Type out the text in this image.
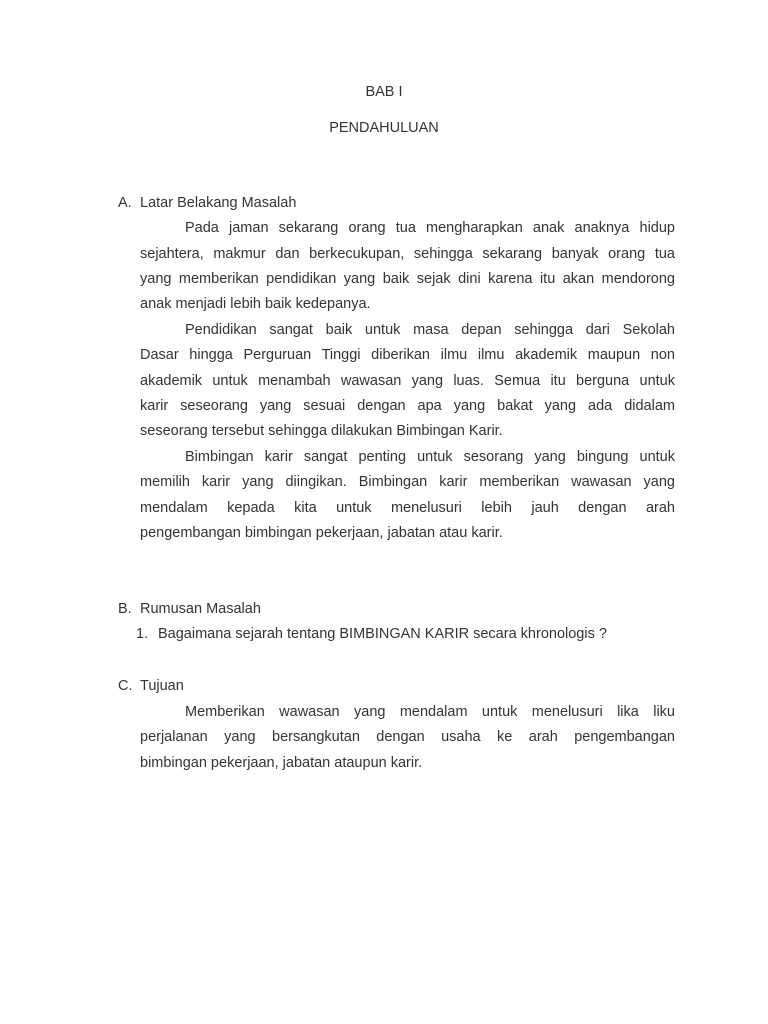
BAB I
PENDAHULUAN
A. Latar Belakang Masalah
Pada jaman sekarang orang tua mengharapkan anak anaknya hidup
sejahtera, makmur dan berkecukupan, sehingga sekarang banyak orang tua
yang memberikan pendidikan yang baik sejak dini karena itu akan mendorong
anak menjadi lebih baik kedepanya.
Pendidikan sangat baik untuk masa depan sehingga dari Sekolah
Dasar hingga Perguruan Tinggi diberikan ilmu ilmu akademik maupun non
akademik untuk menambah wawasan yang luas. Semua itu berguna untuk
karir seseorang yang sesuai dengan apa yang bakat yang ada didalam
seseorang tersebut sehingga dilakukan Bimbingan Karir.
Bimbingan karir sangat penting untuk sesorang yang bingung untuk
memilih karir yang diingikan. Bimbingan karir memberikan wawasan yang
mendalam kepada kita untuk menelusuri lebih jauh dengan arah
pengembangan bimbingan pekerjaan, jabatan atau karir.
B. Rumusan Masalah
1. Bagaimana sejarah tentang BIMBINGAN KARIR secara khronologis ?
C. Tujuan
Memberikan wawasan yang mendalam untuk menelusuri lika liku
perjalanan yang bersangkutan dengan usaha ke arah pengembangan
bimbingan pekerjaan, jabatan ataupun karir.
